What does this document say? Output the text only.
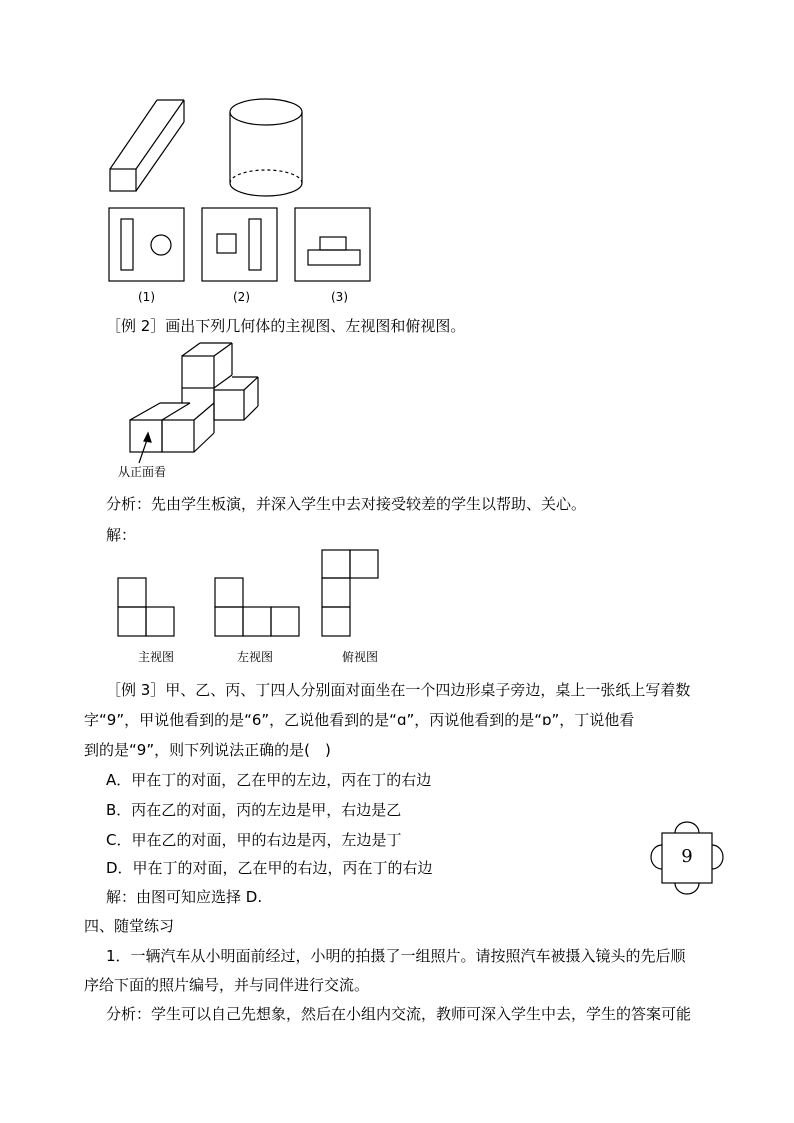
(1)	(2)	(3)
［例 2］画出下列几何体的主视图、左视图和俯视图。
从正面看
分析：先由学生板演，并深入学生中去对接受较差的学生以帮助、关心。
解：
主视图	左视图	俯视图
［例 3］甲、乙、丙、丁四人分别面对面坐在一个四边形桌子旁边，桌上一张纸上写着数
字“9”，甲说他看到的是“6”，乙说他看到的是“ɑ”，丙说他看到的是“ɒ”，丁说他看
到的是“9”，则下列说法正确的是(　)
A．甲在丁的对面，乙在甲的左边，丙在丁的右边
B．丙在乙的对面，丙的左边是甲，右边是乙
C．甲在乙的对面，甲的右边是丙，左边是丁
D．甲在丁的对面，乙在甲的右边，丙在丁的右边
解：由图可知应选择 D.
9
四、随堂练习
1．一辆汽车从小明面前经过，小明的拍摄了一组照片。请按照汽车被摄入镜头的先后顺
序给下面的照片编号，并与同伴进行交流。
分析：学生可以自己先想象，然后在小组内交流，教师可深入学生中去，学生的答案可能
